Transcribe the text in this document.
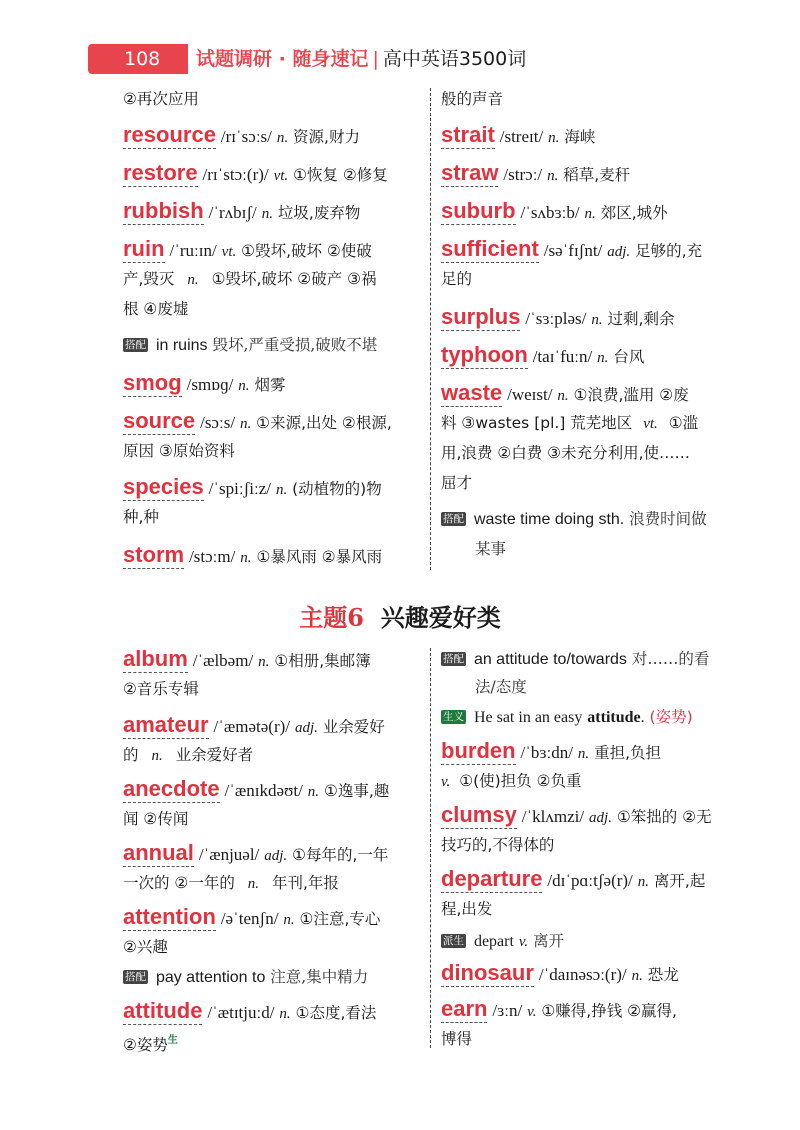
108	试题调研 · 随身速记 | 高中英语3500词
②再次应用
resource /rɪˈsɔːs/ n. 资源,财力
restore /rɪˈstɔː(r)/ vt. ①恢复 ②修复
rubbish /ˈrʌbɪʃ/ n. 垃圾,废弃物
ruin /ˈruːɪn/ vt. ①毁坏,破坏 ②使破
产,毁灭 n. ①毁坏,破坏 ②破产 ③祸
根 ④废墟
搭配 in ruins 毁坏,严重受损,破败不堪
smog /smɒɡ/ n. 烟雾
source /sɔːs/ n. ①来源,出处 ②根源,
原因 ③原始资料
species /ˈspiːʃiːz/ n. (动植物的)物
种,种
storm /stɔːm/ n. ①暴风雨 ②暴风雨
般的声音
strait /streɪt/ n. 海峡
straw /strɔː/ n. 稻草,麦秆
suburb /ˈsʌbɜːb/ n. 郊区,城外
sufficient /səˈfɪʃnt/ adj. 足够的,充
足的
surplus /ˈsɜːpləs/ n. 过剩,剩余
typhoon /taɪˈfuːn/ n. 台风
waste /weɪst/ n. ①浪费,滥用 ②废
料 ③wastes [pl.] 荒芜地区 vt. ①滥
用,浪费 ②白费 ③未充分利用,使……
屈才
搭配 waste time doing sth. 浪费时间做
某事
主题6 兴趣爱好类
album /ˈælbəm/ n. ①相册,集邮簿
②音乐专辑
amateur /ˈæmətə(r)/ adj. 业余爱好
的 n. 业余爱好者
anecdote /ˈænɪkdəʊt/ n. ①逸事,趣
闻 ②传闻
annual /ˈænjuəl/ adj. ①每年的,一年
一次的 ②一年的 n. 年刊,年报
attention /əˈtenʃn/ n. ①注意,专心
②兴趣
搭配 pay attention to 注意,集中精力
attitude /ˈætɪtjuːd/ n. ①态度,看法
②姿势$^生$
搭配 an attitude to/towards 对……的看
法/态度
生义 He sat in an easy attitude. (姿势)
burden /ˈbɜːdn/ n. 重担,负担
v. ①(使)担负 ②负重
clumsy /ˈklʌmzi/ adj. ①笨拙的 ②无
技巧的,不得体的
departure /dɪˈpɑːtʃə(r)/ n. 离开,起
程,出发
派生 depart v. 离开
dinosaur /ˈdaɪnəsɔː(r)/ n. 恐龙
earn /ɜːn/ v. ①赚得,挣钱 ②赢得,
博得
